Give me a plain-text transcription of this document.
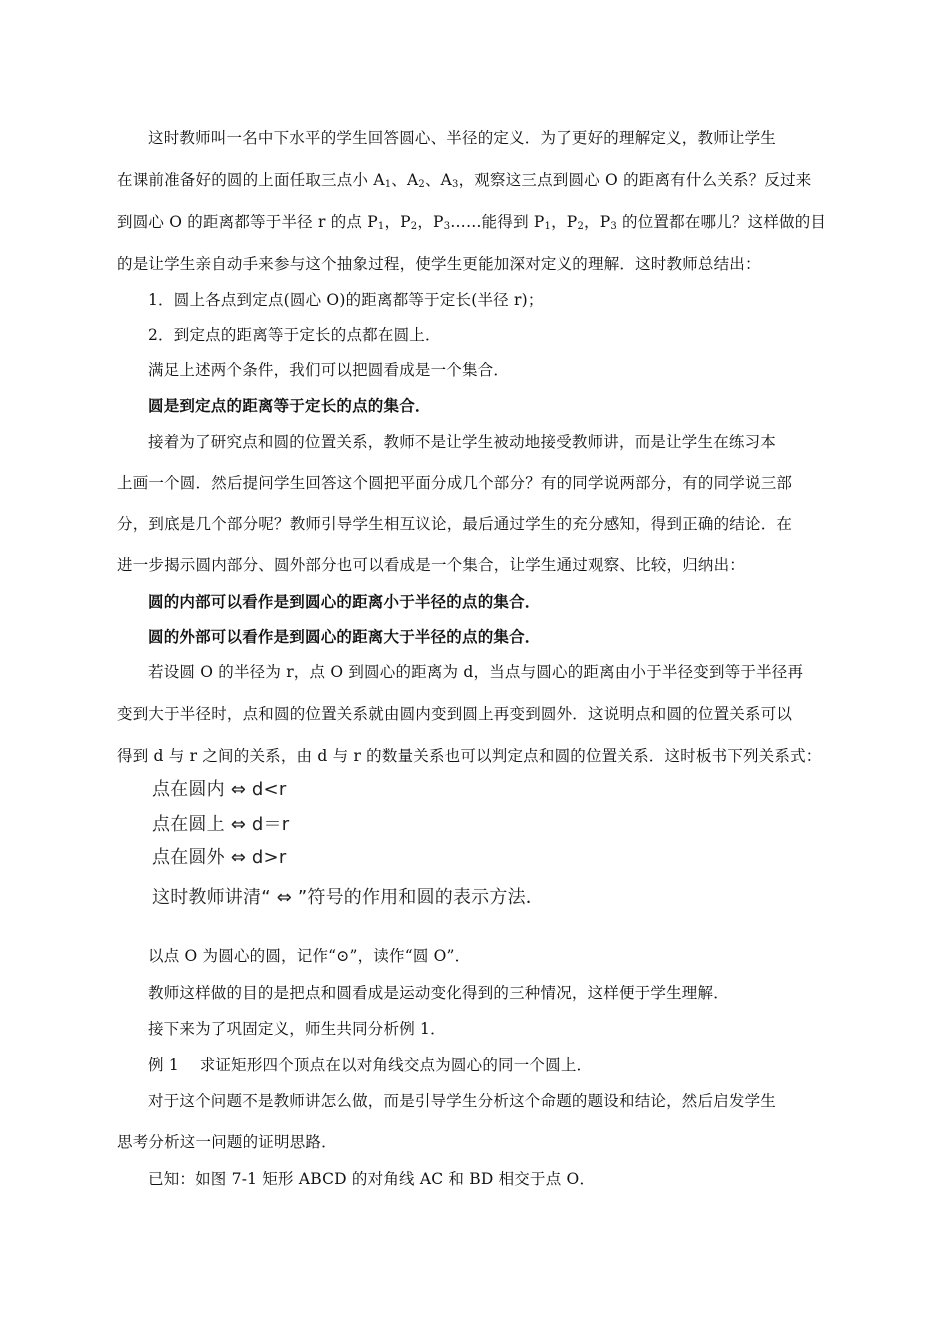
这时教师叫一名中下水平的学生回答圆心、半径的定义．为了更好的理解定义，教师让学生
在课前准备好的圆的上面任取三点小 $A_1$、$A_2$、$A_3$，观察这三点到圆心 O 的距离有什么关系？反过来
到圆心 O 的距离都等于半径 r 的点 $P_1$，$P_2$，$P_3\dots\dots$能得到 $P_1$，$P_2$，$P_3$ 的位置都在哪儿？这样做的目
的是让学生亲自动手来参与这个抽象过程，使学生更能加深对定义的理解．这时教师总结出：
1．圆上各点到定点(圆心 O)的距离都等于定长(半径 r)；
2．到定点的距离等于定长的点都在圆上．
满足上述两个条件，我们可以把圆看成是一个集合．
圆是到定点的距离等于定长的点的集合．
接着为了研究点和圆的位置关系，教师不是让学生被动地接受教师讲，而是让学生在练习本
上画一个圆．然后提问学生回答这个圆把平面分成几个部分？有的同学说两部分，有的同学说三部
分，到底是几个部分呢？教师引导学生相互议论，最后通过学生的充分感知，得到正确的结论．在
进一步揭示圆内部分、圆外部分也可以看成是一个集合，让学生通过观察、比较，归纳出：
圆的内部可以看作是到圆心的距离小于半径的点的集合．
圆的外部可以看作是到圆心的距离大于半径的点的集合．
若设圆 O 的半径为 r，点 O 到圆心的距离为 d，当点与圆心的距离由小于半径变到等于半径再
变到大于半径时，点和圆的位置关系就由圆内变到圆上再变到圆外．这说明点和圆的位置关系可以
得到 d 与 r 之间的关系，由 d 与 r 的数量关系也可以判定点和圆的位置关系．这时板书下列关系式：
点在圆内 ⇔ d<r
点在圆上 ⇔ d＝r
点在圆外 ⇔ d>r
这时教师讲清“ ⇔ ”符号的作用和圆的表示方法．
以点 O 为圆心的圆，记作“⊙”，读作“圆 O”．
教师这样做的目的是把点和圆看成是运动变化得到的三种情况，这样便于学生理解．
接下来为了巩固定义，师生共同分析例 1．
例 1　 求证矩形四个顶点在以对角线交点为圆心的同一个圆上．
对于这个问题不是教师讲怎么做，而是引导学生分析这个命题的题设和结论，然后启发学生
思考分析这一问题的证明思路．
已知：如图 7-1 矩形 ABCD 的对角线 AC 和 BD 相交于点 O．
